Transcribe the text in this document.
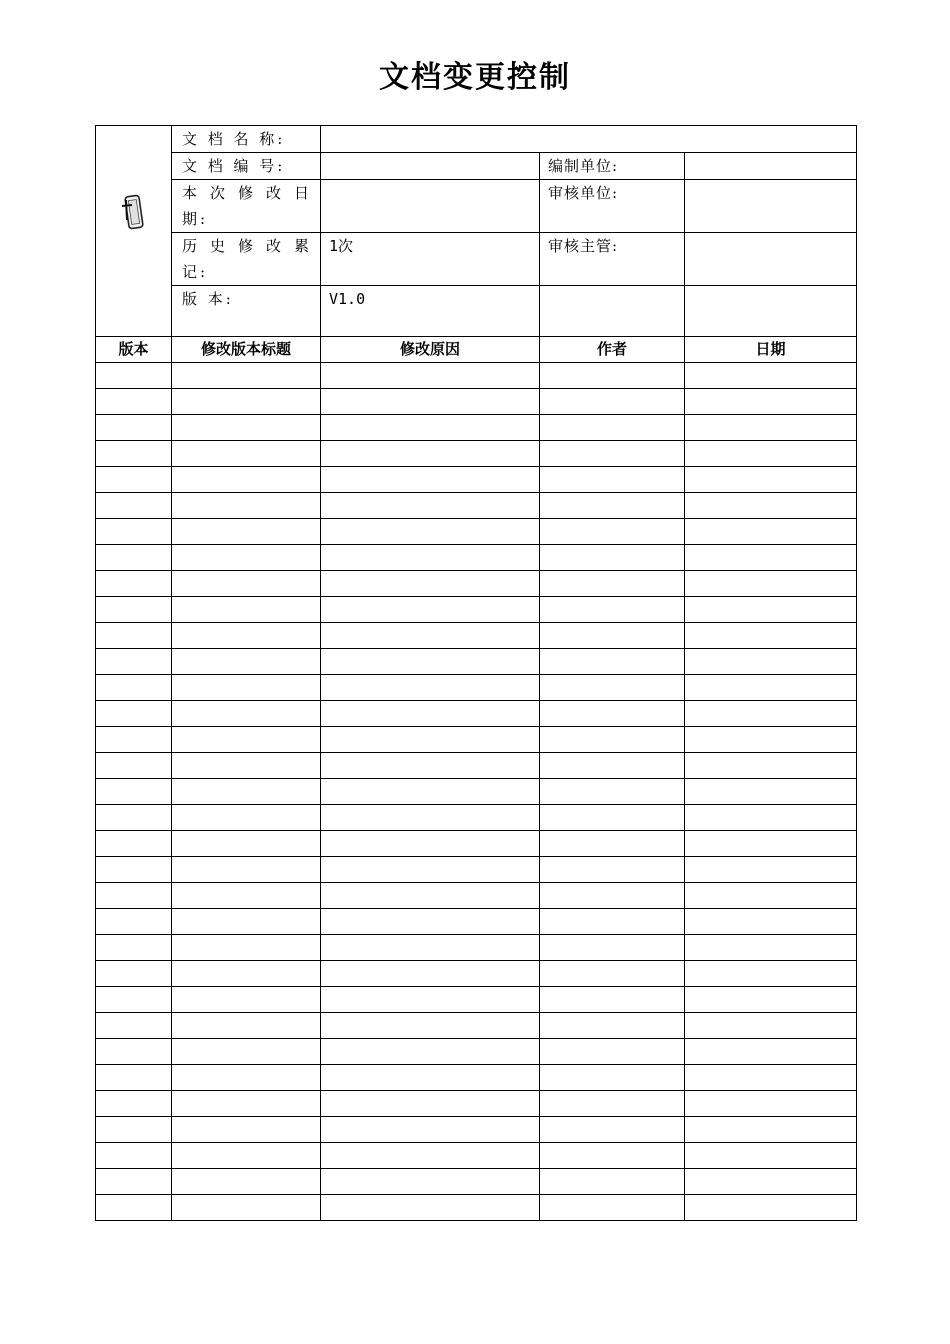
文档变更控制
	文 档 名 称:			
	文 档 编 号:		编制单位:	
	本 次 修 改 日 期:		审核单位:	
	历 史 修 改 累 记:	1次	审核主管:	
	版 本:	V1.0		
版本	修改版本标题	修改原因	作者	日期
